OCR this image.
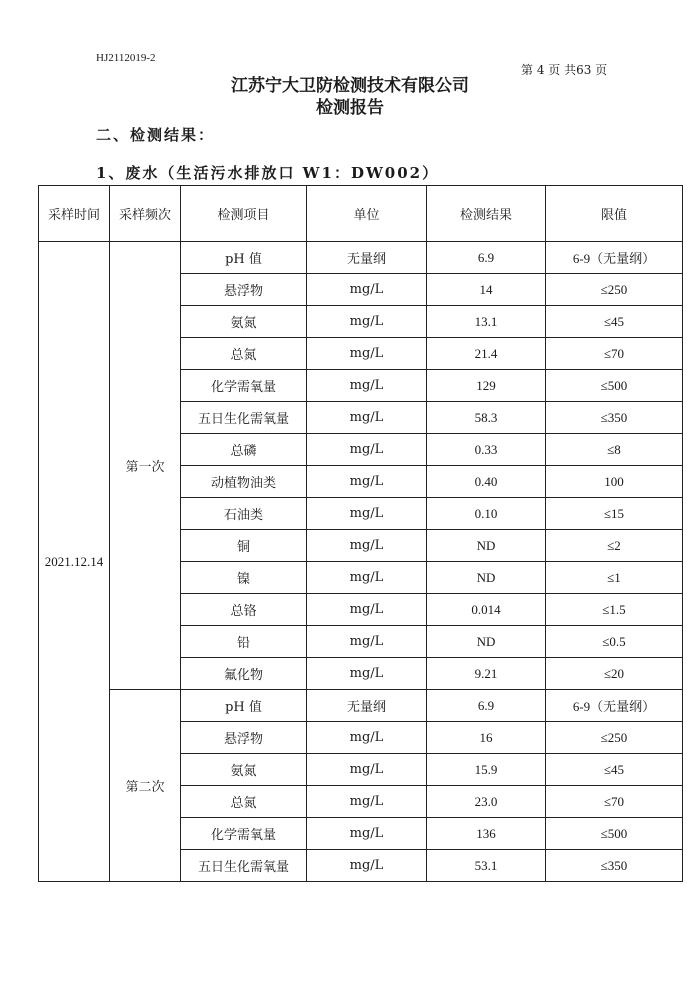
HJ2112019-2
第 4 页 共63 页
江苏宁大卫防检测技术有限公司
检测报告
二、检测结果：
1、废水（生活污水排放口 W1：DW002）
采样时间	采样频次	检测项目	单位	检测结果	限值
2021.12.14	第一次	pH 值	无量纲	6.9	6-9（无量纲）
		悬浮物	mg/L	14	≤250
		氨氮	mg/L	13.1	≤45
		总氮	mg/L	21.4	≤70
		化学需氧量	mg/L	129	≤500
		五日生化需氧量	mg/L	58.3	≤350
		总磷	mg/L	0.33	≤8
		动植物油类	mg/L	0.40	100
		石油类	mg/L	0.10	≤15
		铜	mg/L	ND	≤2
		镍	mg/L	ND	≤1
		总铬	mg/L	0.014	≤1.5
		铅	mg/L	ND	≤0.5
		氟化物	mg/L	9.21	≤20
	第二次	pH 值	无量纲	6.9	6-9（无量纲）
		悬浮物	mg/L	16	≤250
		氨氮	mg/L	15.9	≤45
		总氮	mg/L	23.0	≤70
		化学需氧量	mg/L	136	≤500
		五日生化需氧量	mg/L	53.1	≤350
